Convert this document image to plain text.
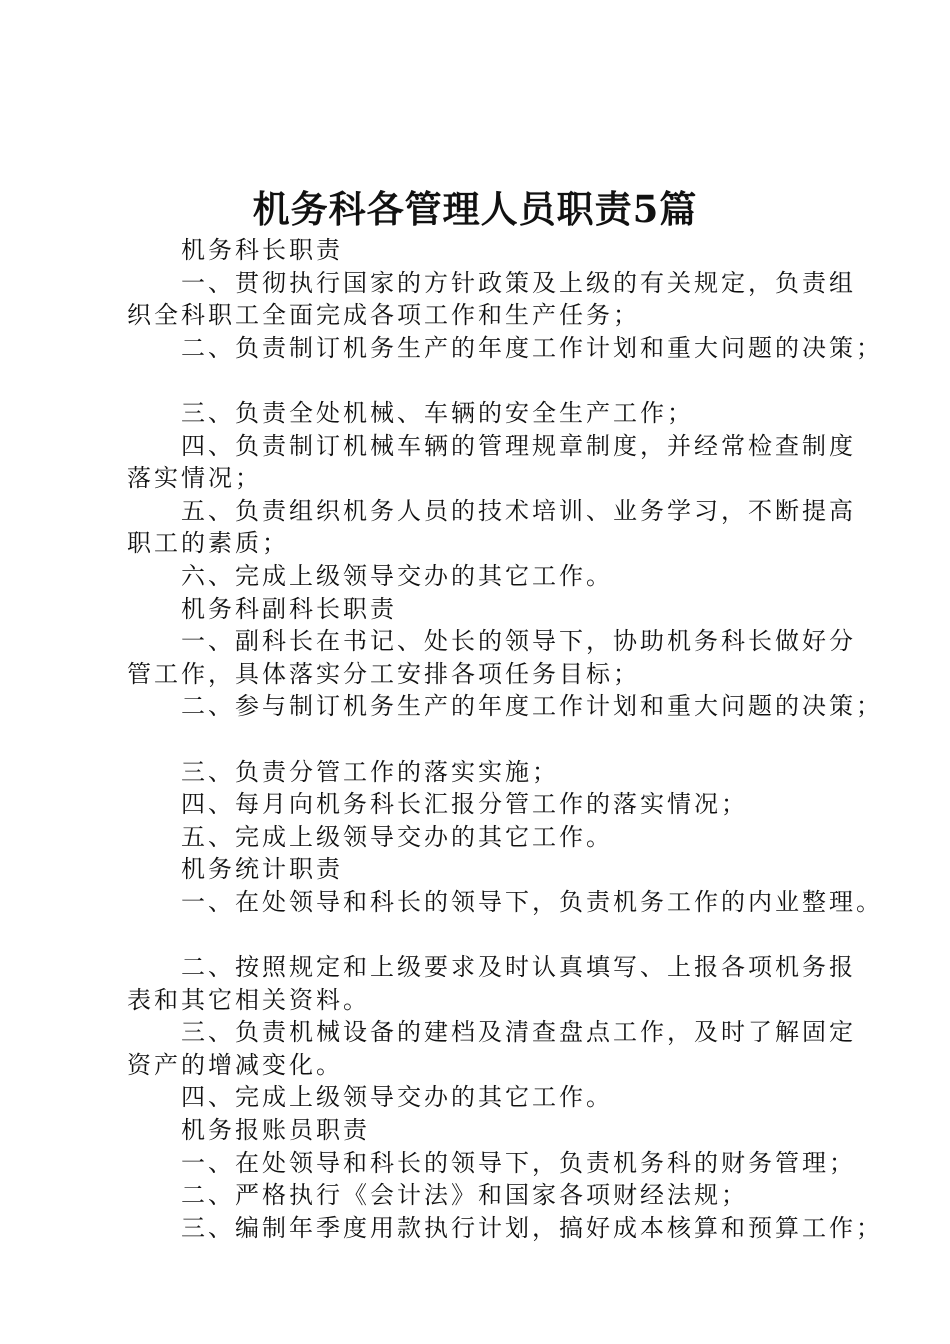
机务科各管理人员职责5篇
机务科长职责
一、贯彻执行国家的方针政策及上级的有关规定，负责组
织全科职工全面完成各项工作和生产任务；
二、负责制订机务生产的年度工作计划和重大问题的决策；
三、负责全处机械、车辆的安全生产工作；
四、负责制订机械车辆的管理规章制度，并经常检查制度
落实情况；
五、负责组织机务人员的技术培训、业务学习，不断提高
职工的素质；
六、完成上级领导交办的其它工作。
机务科副科长职责
一、副科长在书记、处长的领导下，协助机务科长做好分
管工作，具体落实分工安排各项任务目标；
二、参与制订机务生产的年度工作计划和重大问题的决策；
三、负责分管工作的落实实施；
四、每月向机务科长汇报分管工作的落实情况；
五、完成上级领导交办的其它工作。
机务统计职责
一、在处领导和科长的领导下，负责机务工作的内业整理。
二、按照规定和上级要求及时认真填写、上报各项机务报
表和其它相关资料。
三、负责机械设备的建档及清查盘点工作，及时了解固定
资产的增减变化。
四、完成上级领导交办的其它工作。
机务报账员职责
一、在处领导和科长的领导下，负责机务科的财务管理；
二、严格执行《会计法》和国家各项财经法规；
三、编制年季度用款执行计划，搞好成本核算和预算工作；
